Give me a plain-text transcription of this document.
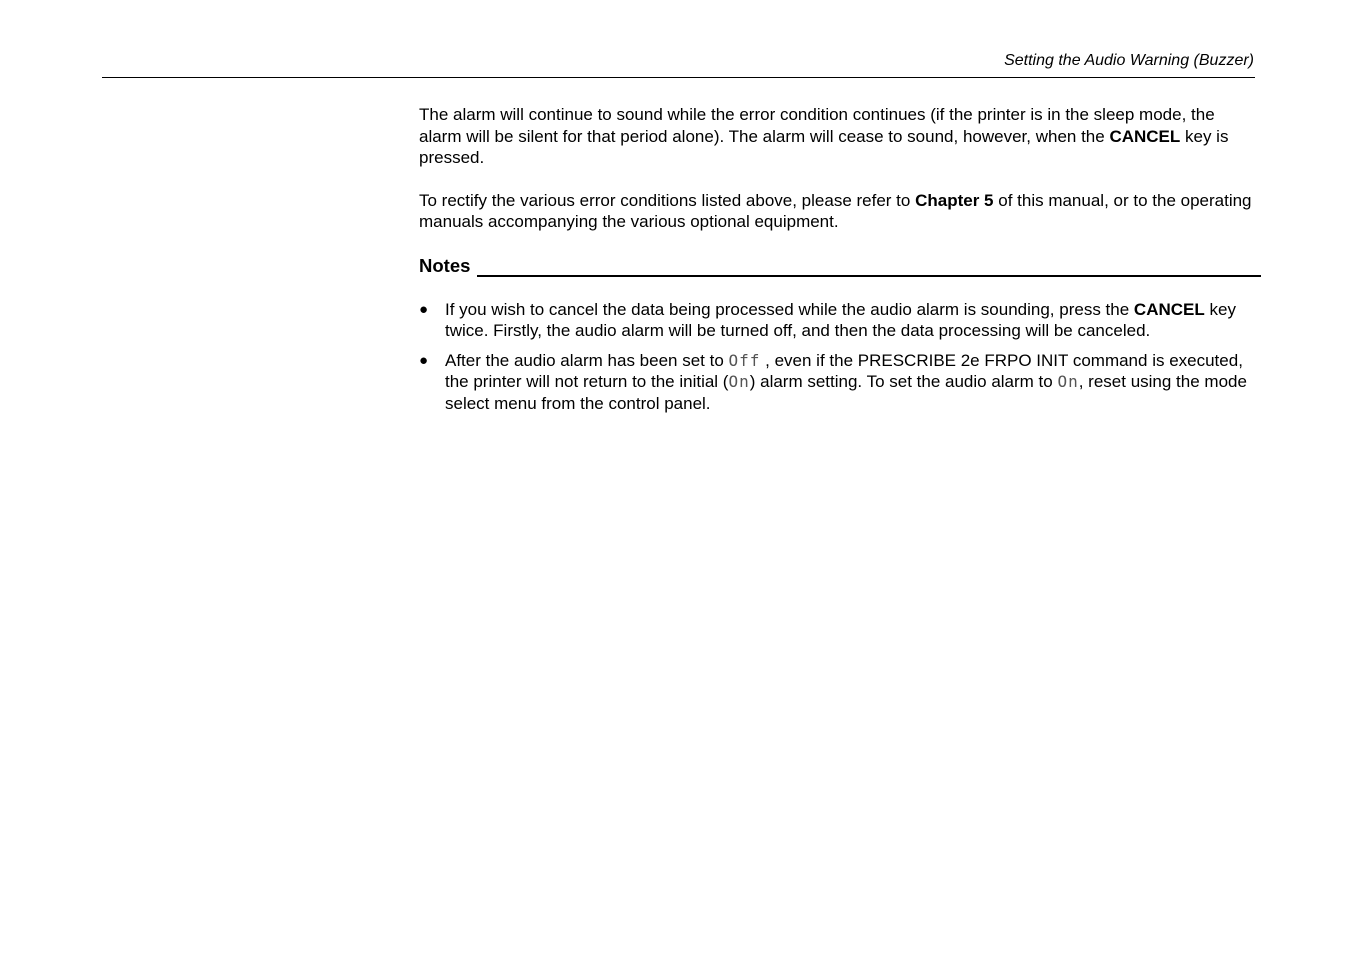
Setting the Audio Warning (Buzzer)

The alarm will continue to sound while the error condition continues (if the printer is in the sleep mode, the alarm will be silent for that period alone). The alarm will cease to sound, however, when the CANCEL key is pressed.

To rectify the various error conditions listed above, please refer to Chapter 5 of this manual, or to the operating manuals accompanying the various optional equipment.

Notes
● If you wish to cancel the data being processed while the audio alarm is sounding, press the CANCEL key twice. Firstly, the audio alarm will be turned off, and then the data processing will be canceled.
● After the audio alarm has been set to Off , even if the PRESCRIBE 2e FRPO INIT command is executed, the printer will not return to the initial (On) alarm setting. To set the audio alarm to On, reset using the mode select menu from the control panel.
